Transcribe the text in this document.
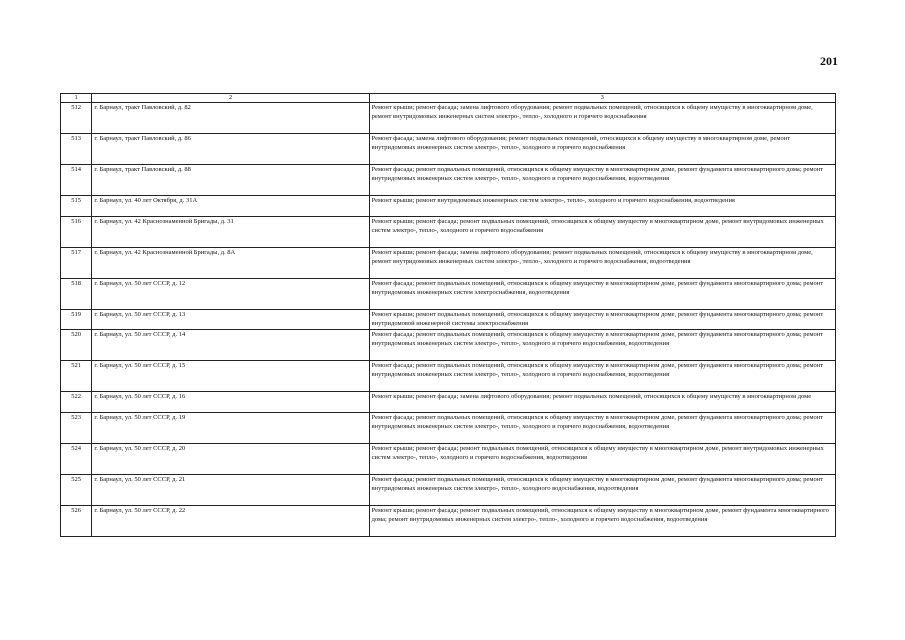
201
1	2	3
512	г. Барнаул, тракт Павловский, д. 82	Ремонт крыши; ремонт фасада; замена лифтового оборудования; ремонт подвальных помещений, относящихся к общему имуществу в многоквартирном доме, ремонт внутридомовых инженерных систем электро-, тепло-, холодного и горячего водоснабжения
513	г. Барнаул, тракт Павловский, д. 86	Ремонт фасада; замена лифтового оборудования; ремонт подвальных помещений, относящихся к общему имуществу в многоквартирном доме, ремонт внутридомовых инженерных систем электро-, тепло-, холодного и горячего водоснабжения
514	г. Барнаул, тракт Павловский, д. 88	Ремонт фасада; ремонт подвальных помещений, относящихся к общему имуществу в многоквартирном доме, ремонт фундамента многоквартирного дома; ремонт внутридомовых инженерных систем электро-, тепло-, холодного и горячего водоснабжения, водоотведения
515	г. Барнаул, ул. 40 лет Октября, д. 31А	Ремонт крыши; ремонт внутридомовых инженерных систем электро-, тепло-, холодного и горячего водоснабжения, водоотведения
516	г. Барнаул, ул. 42 Краснознаменной Бригады, д. 31	Ремонт крыши; ремонт фасада; ремонт подвальных помещений, относящихся к общему имуществу в многоквартирном доме, ремонт внутридомовых инженерных систем электро-, тепло-, холодного и горячего водоснабжения
517	г. Барнаул, ул. 42 Краснознаменной Бригады, д. 8А	Ремонт крыши; ремонт фасада; замена лифтового оборудования; ремонт подвальных помещений, относящихся к общему имуществу в многоквартирном доме, ремонт внутридомовых инженерных систем электро-, тепло-, холодного и горячего водоснабжения, водоотведения
518	г. Барнаул, ул. 50 лет СССР, д. 12	Ремонт фасада; ремонт подвальных помещений, относящихся к общему имуществу в многоквартирном доме, ремонт фундамента многоквартирного дома; ремонт внутридомовых инженерных систем электроснабжения, водоотведения
519	г. Барнаул, ул. 50 лет СССР, д. 13	Ремонт крыши; ремонт подвальных помещений, относящихся к общему имуществу в многоквартирном доме, ремонт фундамента многоквартирного дома; ремонт внутридомовой инженерной системы электроснабжения
520	г. Барнаул, ул. 50 лет СССР, д. 14	Ремонт фасада; ремонт подвальных помещений, относящихся к общему имуществу в многоквартирном доме, ремонт фундамента многоквартирного дома; ремонт внутридомовых инженерных систем электро-, тепло-, холодного и горячего водоснабжения, водоотведения
521	г. Барнаул, ул. 50 лет СССР, д. 15	Ремонт фасада; ремонт подвальных помещений, относящихся к общему имуществу в многоквартирном доме, ремонт фундамента многоквартирного дома; ремонт внутридомовых инженерных систем электро-, тепло-, холодного и горячего водоснабжения, водоотведения
522	г. Барнаул, ул. 50 лет СССР, д. 16	Ремонт крыши; ремонт фасада; замена лифтового оборудования; ремонт подвальных помещений, относящихся к общему имуществу в многоквартирном доме
523	г. Барнаул, ул. 50 лет СССР, д. 19	Ремонт фасада; ремонт подвальных помещений, относящихся к общему имуществу в многоквартирном доме, ремонт фундамента многоквартирного дома; ремонт внутридомовых инженерных систем электро-, тепло-, холодного и горячего водоснабжения, водоотведения
524	г. Барнаул, ул. 50 лет СССР, д. 20	Ремонт крыши; ремонт фасада; ремонт подвальных помещений, относящихся к общему имуществу в многоквартирном доме, ремонт внутридомовых инженерных систем электро-, тепло-, холодного и горячего водоснабжения, водоотведения
525	г. Барнаул, ул. 50 лет СССР, д. 21	Ремонт фасада; ремонт подвальных помещений, относящихся к общему имуществу в многоквартирном доме, ремонт фундамента многоквартирного дома; ремонт внутридомовых инженерных систем электро-, тепло-, холодного водоснабжения, водоотведения
526	г. Барнаул, ул. 50 лет СССР, д. 22	Ремонт крыши; ремонт фасада; ремонт подвальных помещений, относящихся к общему имуществу в многоквартирном доме, ремонт фундамента многоквартирного дома; ремонт внутридомовых инженерных систем электро-, тепло-, холодного и горячего водоснабжения, водоотведения
